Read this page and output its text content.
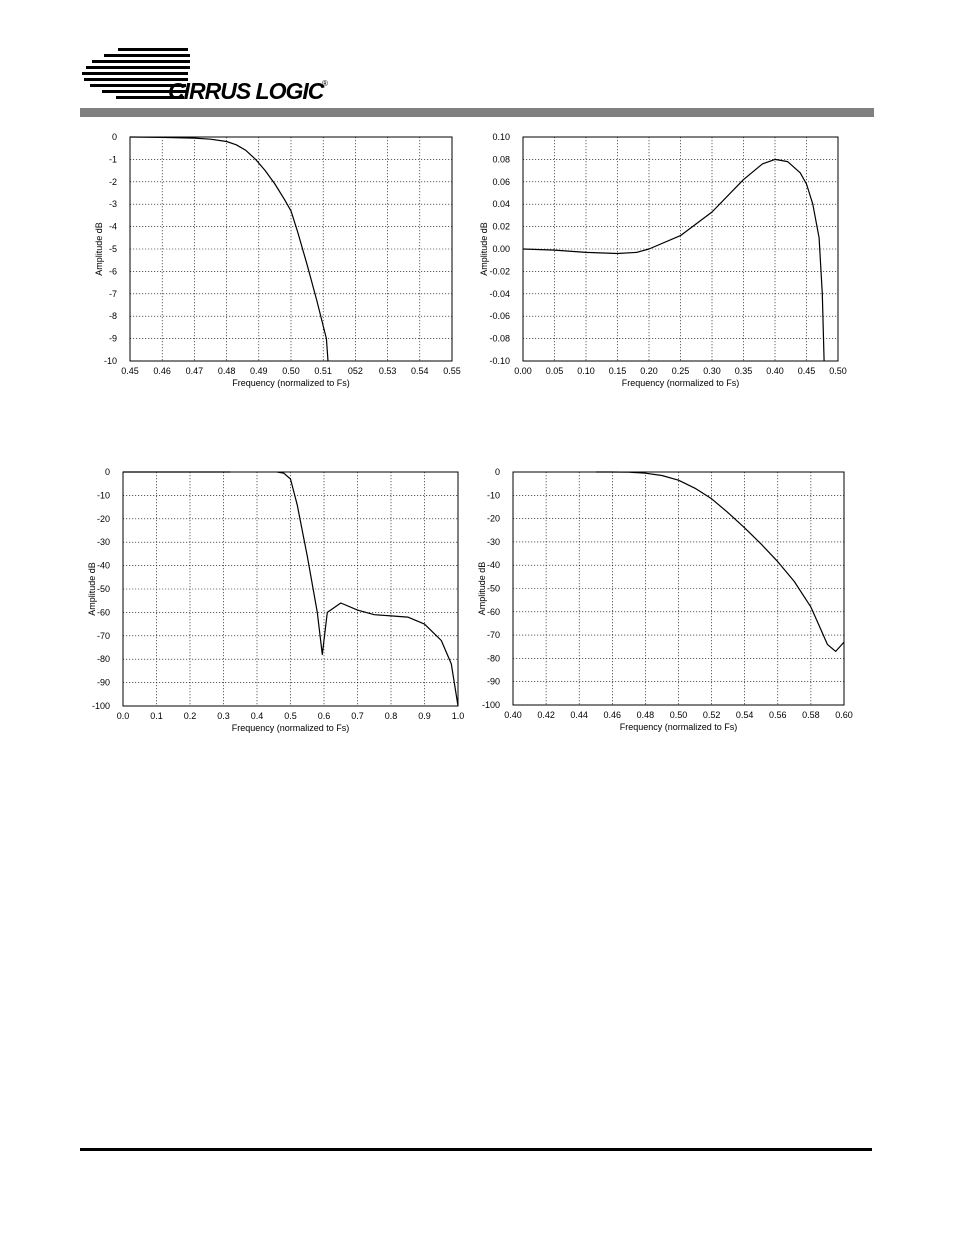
CIRRUS LOGIC
®
0.45 0.46 0.47 0.48 0.49 0.50 0.51 052 0.53 0.54 0.55
0
-1
-2
-3
-4
-5
-6
-7
-8
-9
-10
Frequency (normalized to Fs)
Amplitude dB
0.00 0.05 0.10 0.15 0.20 0.25 0.30 0.35 0.40 0.45 0.50
0.10
0.08
0.06
0.04
0.02
0.00
-0.02
-0.04
-0.06
-0.08
-0.10
Frequency (normalized to Fs)
Amplitude dB
0.0 0.1 0.2 0.3 0.4 0.5 0.6 0.7 0.8 0.9 1.0
0
-10
-20
-30
-40
-50
-60
-70
-80
-90
-100
Frequency (normalized to Fs)
Amplitude dB
0.40 0.42 0.44 0.46 0.48 0.50 0.52 0.54 0.56 0.58 0.60
0
-10
-20
-30
-40
-50
-60
-70
-80
-90
-100
Frequency (normalized to Fs)
Amplitude dB
